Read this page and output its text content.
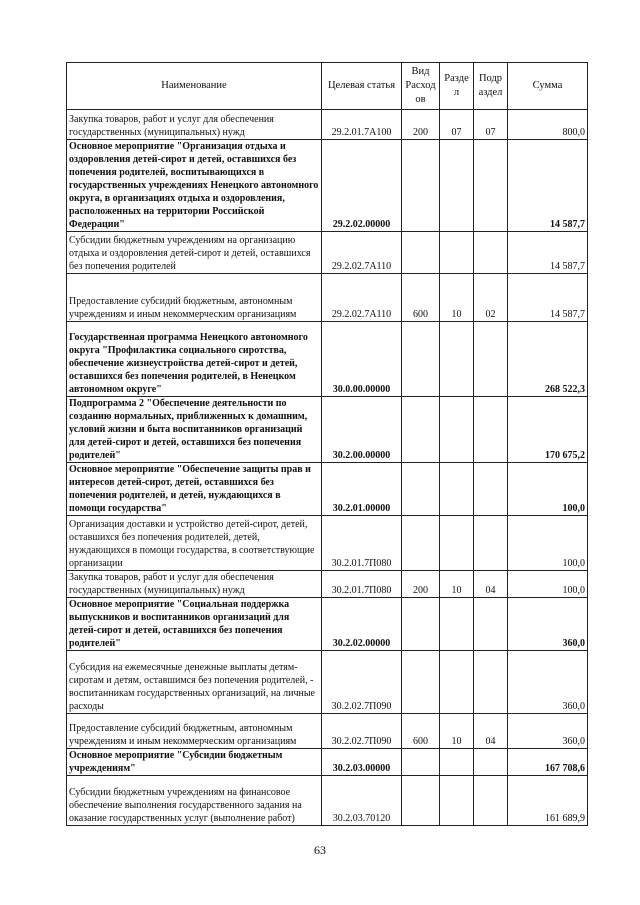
Наименование	Целевая статья	Вид Расход ов	Разде л	Подр аздел	Сумма
Закупка товаров, работ и услуг для обеспечения государственных (муниципальных) нужд	29.2.01.7А100	200	07	07	800,0
Основное мероприятие "Организация отдыха и оздоровления детей-сирот и детей, оставшихся без попечения родителей, воспитывающихся в государственных учреждениях Ненецкого автономного округа, в организациях отдыха и оздоровления, расположенных на территории Российской Федерации"	29.2.02.00000				14 587,7
Субсидии бюджетным учреждениям на организацию отдыха и оздоровления детей-сирот и детей, оставшихся без попечения родителей	29.2.02.7А110				14 587,7
Предоставление субсидий бюджетным, автономным учреждениям и иным некоммерческим организациям	29.2.02.7А110	600	10	02	14 587,7
Государственная программа Ненецкого автономного округа "Профилактика социального сиротства, обеспечение жизнеустройства детей-сирот и детей, оставшихся без попечения родителей, в Ненецком автономном округе"	30.0.00.00000				268 522,3
Подпрограмма 2 "Обеспечение деятельности по созданию нормальных, приближенных к домашним, условий жизни и быта воспитанников организаций для детей-сирот и детей, оставшихся без попечения родителей"	30.2.00.00000				170 675,2
Основное мероприятие "Обеспечение защиты прав и интересов детей-сирот, детей, оставшихся без попечения родителей, и детей, нуждающихся в помощи государства"	30.2.01.00000				100,0
Организация доставки и устройство детей-сирот, детей, оставшихся без попечения родителей, детей, нуждающихся в помощи государства, в соответствующие организации	30.2.01.7П080				100,0
Закупка товаров, работ и услуг для обеспечения государственных (муниципальных) нужд	30.2.01.7П080	200	10	04	100,0
Основное мероприятие "Социальная поддержка выпускников и воспитанников организаций для детей-сирот и детей, оставшихся без попечения родителей"	30.2.02.00000				360,0
Субсидия на ежемесячные денежные выплаты детям-сиротам и детям, оставшимся без попечения родителей, - воспитанникам государственных организаций, на личные расходы	30.2.02.7П090				360,0
Предоставление субсидий бюджетным, автономным учреждениям и иным некоммерческим организациям	30.2.02.7П090	600	10	04	360,0
Основное мероприятие "Субсидии бюджетным учреждениям"	30.2.03.00000				167 708,6
Субсидии бюджетным учреждениям на финансовое обеспечение выполнения государственного задания на оказание государственных услуг (выполнение работ)	30.2.03.70120				161 689,9
63
